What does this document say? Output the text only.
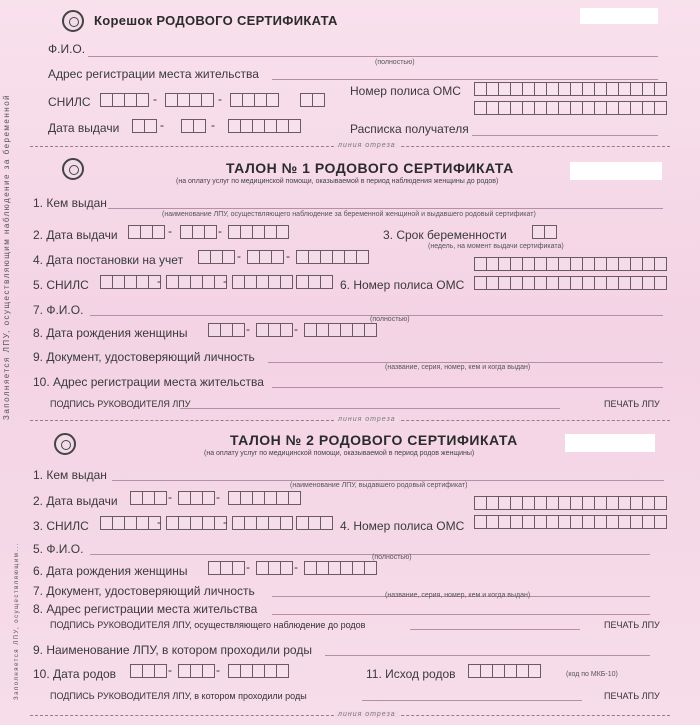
Заполняется ЛПУ, осуществляющим наблюдение за беременной
Заполняется ЛПУ, осуществляющим...
Корешок РОДОВОГО СЕРТИФИКАТА
Ф.И.О.
(полностью)
Адрес регистрации места жительства
СНИЛС	-	-
Номер полиса ОМС
Дата выдачи	-	-	Расписка получателя
линия отреза
ТАЛОН № 1 РОДОВОГО СЕРТИФИКАТА
(на оплату услуг по медицинской помощи, оказываемой в период наблюдения женщины до родов)
1. Кем выдан
(наименование ЛПУ, осуществляющего наблюдение за беременной женщиной и выдавшего родовый сертификат)
2. Дата выдачи	-	-	3. Срок беременности
(недель, на момент выдачи сертификата)
4. Дата постановки на учет	-	-
5. СНИЛС	-	-	6. Номер полиса ОМС
7. Ф.И.О.
(полностью)
8. Дата рождения женщины	-	-
9. Документ, удостоверяющий личность
(название, серия, номер, кем и когда выдан)
10. Адрес регистрации места жительства
ПОДПИСЬ РУКОВОДИТЕЛЯ ЛПУ	ПЕЧАТЬ ЛПУ
линия отреза
ТАЛОН № 2 РОДОВОГО СЕРТИФИКАТА
(на оплату услуг по медицинской помощи, оказываемой в период родов женщины)
1. Кем выдан
(наименование ЛПУ, выдавшего родовый сертификат)
2. Дата выдачи	-	-
3. СНИЛС	-	-	4. Номер полиса ОМС
5. Ф.И.О.
6. Дата рождения женщины	-	-
(полностью)
7. Документ, удостоверяющий личность	(название, серия, номер, кем и когда выдан)
8. Адрес регистрации места жительства
ПОДПИСЬ РУКОВОДИТЕЛЯ ЛПУ, осуществляющего наблюдение до родов	ПЕЧАТЬ ЛПУ
9. Наименование ЛПУ, в котором проходили роды
10. Дата родов	-	-	11. Исход родов	(код по МКБ-10)
ПОДПИСЬ РУКОВОДИТЕЛЯ ЛПУ, в котором проходили роды	ПЕЧАТЬ ЛПУ
линия отреза
